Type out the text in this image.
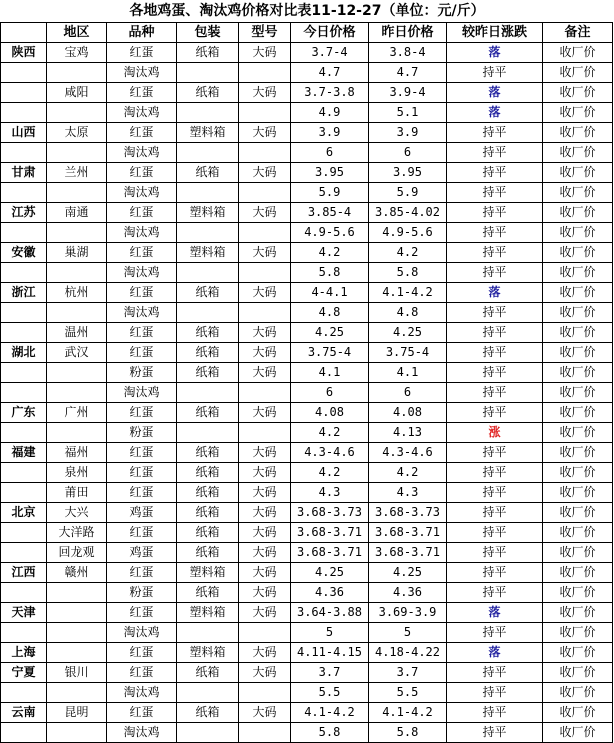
各地鸡蛋、淘汰鸡价格对比表11-12-27（单位：元/斤）
	地区	品种	包装	型号	今日价格	昨日价格	较昨日涨跌	备注
陕西	宝鸡	红蛋	纸箱	大码	3.7-4	3.8-4	落	收厂价
		淘汰鸡			4.7	4.7	持平	收厂价
	咸阳	红蛋	纸箱	大码	3.7-3.8	3.9-4	落	收厂价
		淘汰鸡			4.9	5.1	落	收厂价
山西	太原	红蛋	塑料箱	大码	3.9	3.9	持平	收厂价
		淘汰鸡			6	6	持平	收厂价
甘肃	兰州	红蛋	纸箱	大码	3.95	3.95	持平	收厂价
		淘汰鸡			5.9	5.9	持平	收厂价
江苏	南通	红蛋	塑料箱	大码	3.85-4	3.85-4.02	持平	收厂价
		淘汰鸡			4.9-5.6	4.9-5.6	持平	收厂价
安徽	巢湖	红蛋	塑料箱	大码	4.2	4.2	持平	收厂价
		淘汰鸡			5.8	5.8	持平	收厂价
浙江	杭州	红蛋	纸箱	大码	4-4.1	4.1-4.2	落	收厂价
		淘汰鸡			4.8	4.8	持平	收厂价
	温州	红蛋	纸箱	大码	4.25	4.25	持平	收厂价
湖北	武汉	红蛋	纸箱	大码	3.75-4	3.75-4	持平	收厂价
		粉蛋	纸箱	大码	4.1	4.1	持平	收厂价
		淘汰鸡			6	6	持平	收厂价
广东	广州	红蛋	纸箱	大码	4.08	4.08	持平	收厂价
		粉蛋			4.2	4.13	涨	收厂价
福建	福州	红蛋	纸箱	大码	4.3-4.6	4.3-4.6	持平	收厂价
	泉州	红蛋	纸箱	大码	4.2	4.2	持平	收厂价
	莆田	红蛋	纸箱	大码	4.3	4.3	持平	收厂价
北京	大兴	鸡蛋	纸箱	大码	3.68-3.73	3.68-3.73	持平	收厂价
	大洋路	红蛋	纸箱	大码	3.68-3.71	3.68-3.71	持平	收厂价
	回龙观	鸡蛋	纸箱	大码	3.68-3.71	3.68-3.71	持平	收厂价
江西	赣州	红蛋	塑料箱	大码	4.25	4.25	持平	收厂价
		粉蛋	纸箱	大码	4.36	4.36	持平	收厂价
天津		红蛋	塑料箱	大码	3.64-3.88	3.69-3.9	落	收厂价
		淘汰鸡			5	5	持平	收厂价
上海		红蛋	塑料箱	大码	4.11-4.15	4.18-4.22	落	收厂价
宁夏	银川	红蛋	纸箱	大码	3.7	3.7	持平	收厂价
		淘汰鸡			5.5	5.5	持平	收厂价
云南	昆明	红蛋	纸箱	大码	4.1-4.2	4.1-4.2	持平	收厂价
		淘汰鸡			5.8	5.8	持平	收厂价
